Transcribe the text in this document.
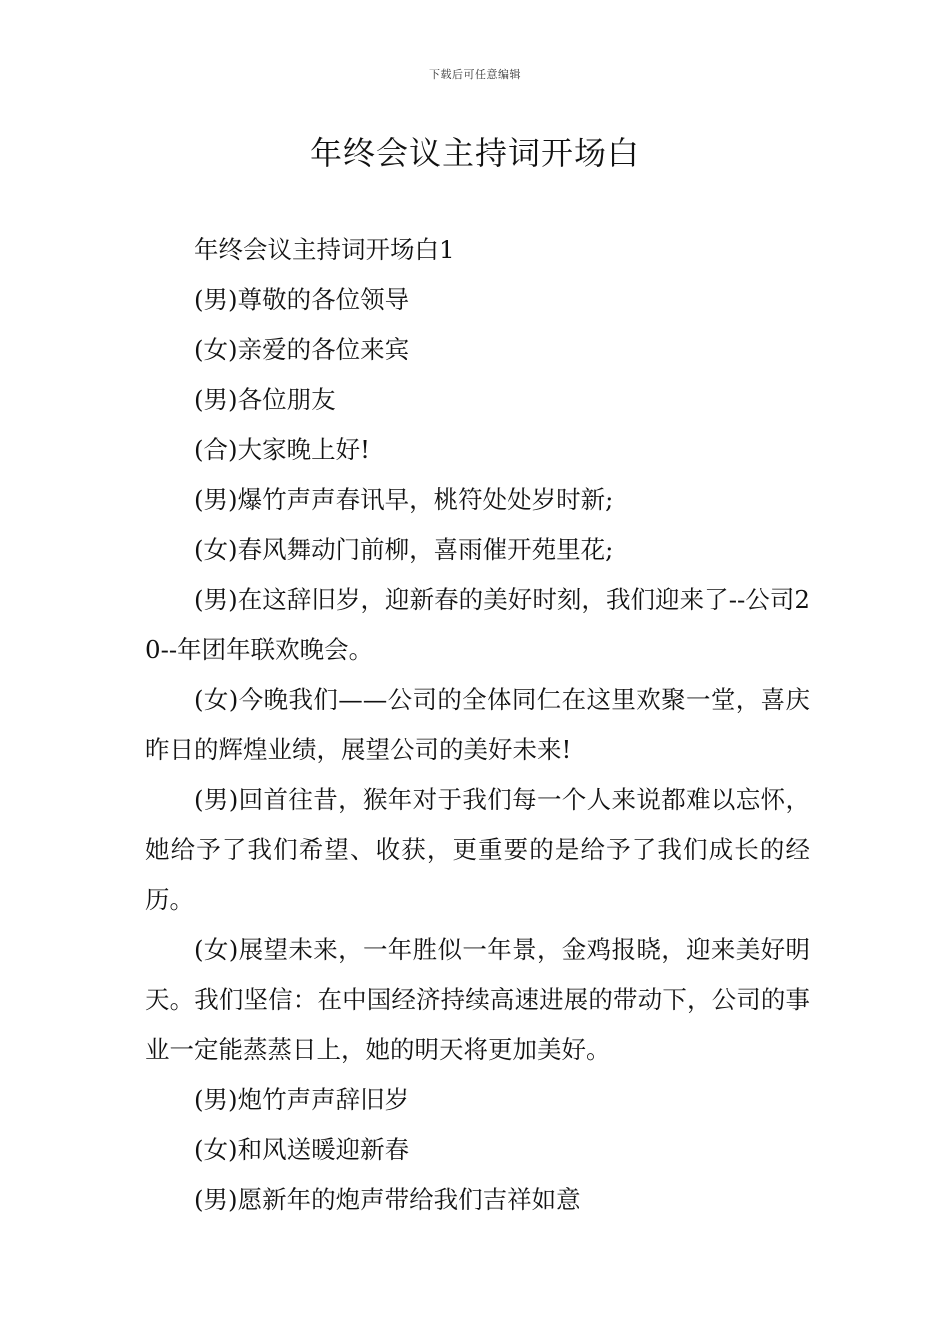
下载后可任意编辑
年终会议主持词开场白

年终会议主持词开场白1

(男)尊敬的各位领导

(女)亲爱的各位来宾

(男)各位朋友

(合)大家晚上好!

(男)爆竹声声春讯早，桃符处处岁时新;

(女)春风舞动门前柳，喜雨催开苑里花;

(男)在这辞旧岁，迎新春的美好时刻，我们迎来了--公司20--年团年联欢晚会。

(女)今晚我们——公司的全体同仁在这里欢聚一堂，喜庆昨日的辉煌业绩，展望公司的美好未来!

(男)回首往昔，猴年对于我们每一个人来说都难以忘怀，她给予了我们希望、收获，更重要的是给予了我们成长的经历。

(女)展望未来，一年胜似一年景，金鸡报晓，迎来美好明天。我们坚信：在中国经济持续高速进展的带动下，公司的事业一定能蒸蒸日上，她的明天将更加美好。

(男)炮竹声声辞旧岁

(女)和风送暖迎新春

(男)愿新年的炮声带给我们吉祥如意
